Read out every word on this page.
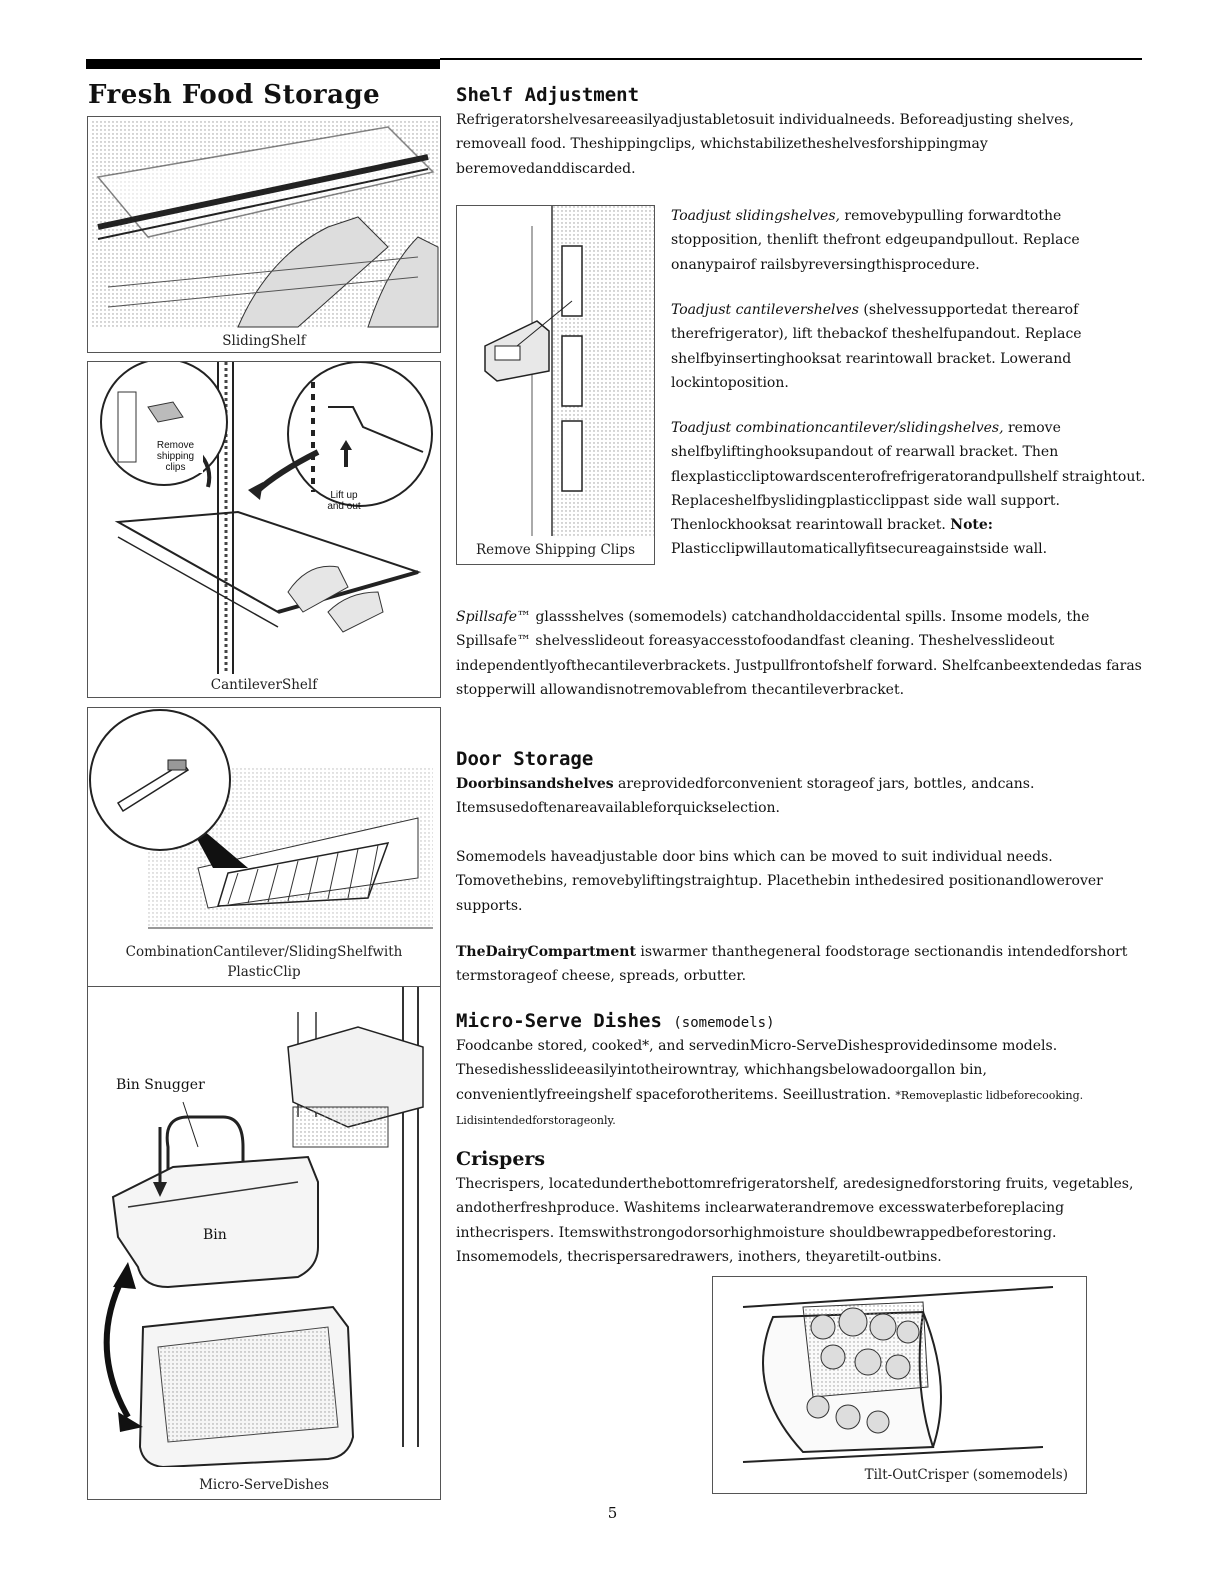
Fresh Food Storage
SlidingShelf
Remove shipping clips
Lift up and out
CantileverShelf
CombinationCantilever/SlidingShelfwith
PlasticClip
Bin Snugger
Bin
Micro-ServeDishes
Shelf Adjustment
Refrigeratorshelvesareeasilyadjustabletosuit individualneeds. Beforeadjusting shelves, removeall food. Theshippingclips, whichstabilizetheshelvesforshippingmay beremovedanddiscarded.
Remove Shipping Clips
Toadjust slidingshelves, removebypulling forwardtothe stopposition, thenlift thefront edgeupandpullout. Replace onanypairof railsbyreversingthisprocedure.
Toadjust cantilevershelves (shelvessupportedat therearof therefrigerator), lift thebackof theshelfupandout. Replace shelfbyinsertinghooksat rearintowall bracket. Lowerand lockintoposition.
Toadjust combinationcantilever/slidingshelves, remove shelfbyliftinghooksupandout of rearwall bracket. Then flexplasticcliptowardscenterofrefrigeratorandpullshelf straightout. Replaceshelfbyslidingplasticclippast side wall support. Thenlockhooksat rearintowall bracket. Note: Plasticclipwillautomaticallyfitsecureagainstside wall.
Spillsafe™ glassshelves (somemodels) catchandholdaccidental spills. Insome models, the Spillsafe™ shelvesslideout foreasyaccesstofoodandfast cleaning. Theshelvesslideout independentlyofthecantileverbrackets. Justpullfrontofshelf forward. Shelfcanbeextendedas faras stopperwill allowandisnotremovablefrom thecantileverbracket.
Door Storage
Doorbinsandshelves areprovidedforconvenient storageof jars, bottles, andcans. Itemsusedoftenareavailableforquickselection.
Somemodels haveadjustable door bins which can be moved to suit individual needs. Tomovethebins, removebyliftingstraightup. Placethebin inthedesired positionandlowerover supports.
TheDairyCompartment iswarmer thanthegeneral foodstorage sectionandis intendedforshort termstorageof cheese, spreads, orbutter.
Micro-Serve Dishes (somemodels)
Foodcanbe stored, cooked*, and servedinMicro-ServeDishesprovidedinsome models. Thesedishesslideeasilyintotheirowntray, whichhangsbelowadoorgallon bin, convenientlyfreeingshelf spaceforotheritems. Seeillustration. *Removeplastic lidbeforecooking. Lidisintendedforstorageonly.
Crispers
Thecrispers, locatedunderthebottomrefrigeratorshelf, aredesignedforstoring fruits, vegetables, andotherfreshproduce. Washitems inclearwaterandremove excesswaterbeforeplacing inthecrispers. Itemswithstrongodorsorhighmoisture shouldbewrappedbeforestoring. Insomemodels, thecrispersaredrawers, inothers, theyaretilt-outbins.
Tilt-OutCrisper (somemodels)
5
